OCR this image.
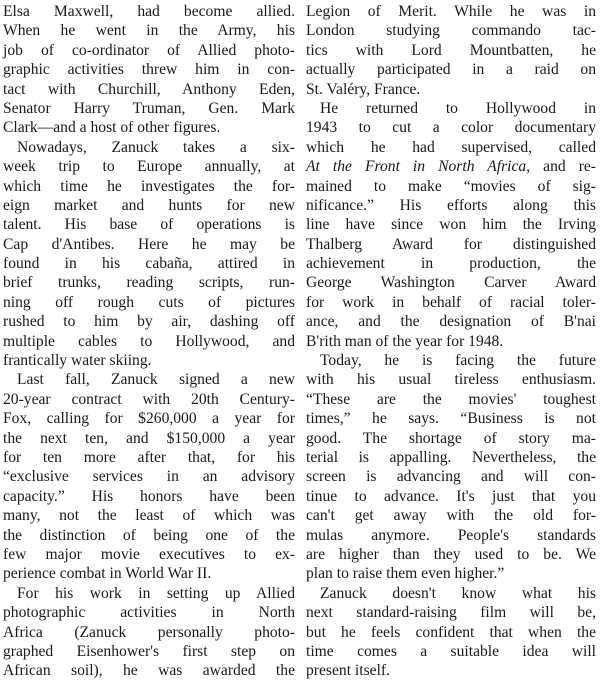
Elsa Maxwell, had become allied.
When he went in the Army, his
job of co-ordinator of Allied photo-
graphic activities threw him in con-
tact with Churchill, Anthony Eden,
Senator Harry Truman, Gen. Mark
Clark—and a host of other figures.
Nowadays, Zanuck takes a six-
week trip to Europe annually, at
which time he investigates the for-
eign market and hunts for new
talent. His base of operations is
Cap d'Antibes. Here he may be
found in his cabaña, attired in
brief trunks, reading scripts, run-
ning off rough cuts of pictures
rushed to him by air, dashing off
multiple cables to Hollywood, and
frantically water skiing.
Last fall, Zanuck signed a new
20-year contract with 20th Century-
Fox, calling for $260,000 a year for
the next ten, and $150,000 a year
for ten more after that, for his
“exclusive services in an advisory
capacity.” His honors have been
many, not the least of which was
the distinction of being one of the
few major movie executives to ex-
perience combat in World War II.
For his work in setting up Allied
photographic activities in North
Africa (Zanuck personally photo-
graphed Eisenhower's first step on
African soil), he was awarded the
Legion of Merit. While he was in
London studying commando tac-
tics with Lord Mountbatten, he
actually participated in a raid on
St. Valéry, France.
He returned to Hollywood in
1943 to cut a color documentary
which he had supervised, called
At the Front in North Africa, and re-
mained to make “movies of sig-
nificance.” His efforts along this
line have since won him the Irving
Thalberg Award for distinguished
achievement in production, the
George Washington Carver Award
for work in behalf of racial toler-
ance, and the designation of B'nai
B'rith man of the year for 1948.
Today, he is facing the future
with his usual tireless enthusiasm.
“These are the movies' toughest
times,” he says. “Business is not
good. The shortage of story ma-
terial is appalling. Nevertheless, the
screen is advancing and will con-
tinue to advance. It's just that you
can't get away with the old for-
mulas anymore. People's standards
are higher than they used to be. We
plan to raise them even higher.”
Zanuck doesn't know what his
next standard-raising film will be,
but he feels confident that when the
time comes a suitable idea will
present itself.
